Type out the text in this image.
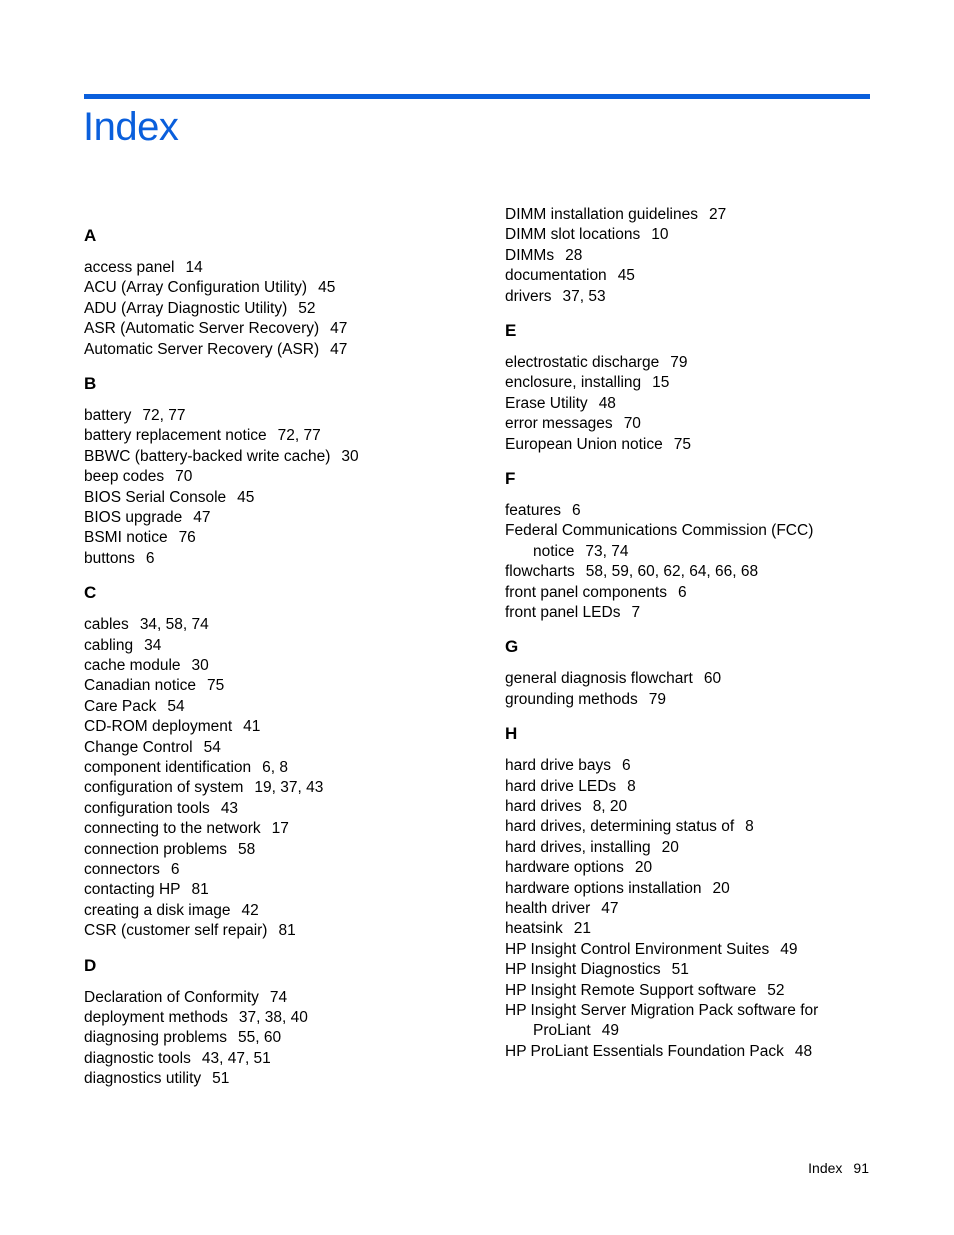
Index
A
access panel 14
ACU (Array Configuration Utility) 45
ADU (Array Diagnostic Utility) 52
ASR (Automatic Server Recovery) 47
Automatic Server Recovery (ASR) 47
B
battery 72, 77
battery replacement notice 72, 77
BBWC (battery-backed write cache) 30
beep codes 70
BIOS Serial Console 45
BIOS upgrade 47
BSMI notice 76
buttons 6
C
cables 34, 58, 74
cabling 34
cache module 30
Canadian notice 75
Care Pack 54
CD-ROM deployment 41
Change Control 54
component identification 6, 8
configuration of system 19, 37, 43
configuration tools 43
connecting to the network 17
connection problems 58
connectors 6
contacting HP 81
creating a disk image 42
CSR (customer self repair) 81
D
Declaration of Conformity 74
deployment methods 37, 38, 40
diagnosing problems 55, 60
diagnostic tools 43, 47, 51
diagnostics utility 51
DIMM installation guidelines 27
DIMM slot locations 10
DIMMs 28
documentation 45
drivers 37, 53
E
electrostatic discharge 79
enclosure, installing 15
Erase Utility 48
error messages 70
European Union notice 75
F
features 6
Federal Communications Commission (FCC)
notice 73, 74
flowcharts 58, 59, 60, 62, 64, 66, 68
front panel components 6
front panel LEDs 7
G
general diagnosis flowchart 60
grounding methods 79
H
hard drive bays 6
hard drive LEDs 8
hard drives 8, 20
hard drives, determining status of 8
hard drives, installing 20
hardware options 20
hardware options installation 20
health driver 47
heatsink 21
HP Insight Control Environment Suites 49
HP Insight Diagnostics 51
HP Insight Remote Support software 52
HP Insight Server Migration Pack software for
ProLiant 49
HP ProLiant Essentials Foundation Pack 48
Index 91
